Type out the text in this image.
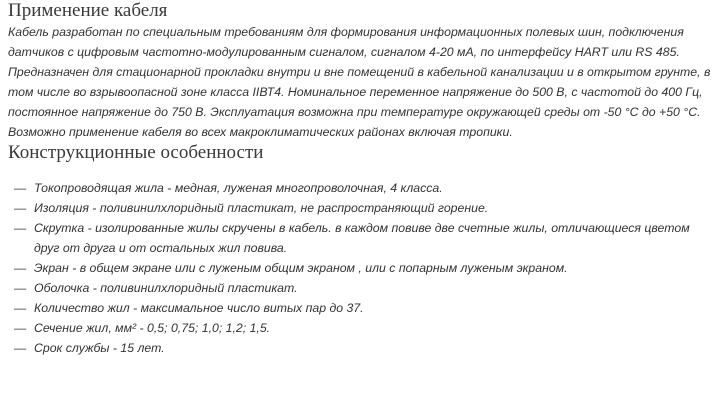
Применение кабеля

Кабель разработан по специальным требованиям для формирования информационных полевых шин, подключения датчиков с цифровым частотно-модулированным сигналом, сигналом 4-20 мА, по интерфейсу HART или RS 485.

Предназначен для стационарной прокладки внутри и вне помещений в кабельной канализации и в открытом грунте, в том числе во взрывоопасной зоне класса IIВТ4. Номинальное переменное напряжение до 500 В, с частотой до 400 Гц, постоянное напряжение до 750 В. Эксплуатация возможна при температуре окружающей среды от -50 °С до +50 °С. Возможно применение кабеля во всех макроклиматических районах включая тропики.

Конструкционные особенности
— Токопроводящая жила - медная, луженая многопроволочная, 4 класса.
— Изоляция - поливинилхлоридный пластикат, не распространяющий горение.
— Скрутка - изолированные жилы скручены в кабель. в каждом повиве две счетные жилы, отличающиеся цветом друг от друга и от остальных жил повива.
— Экран - в общем экране или с луженым общим экраном , или с попарным луженым экраном.
— Оболочка - поливинилхлоридный пластикат.
— Количество жил - максимальное число витых пар до 37.
— Сечение жил, мм² - 0,5; 0,75; 1,0; 1,2; 1,5.
— Срок службы - 15 лет.
